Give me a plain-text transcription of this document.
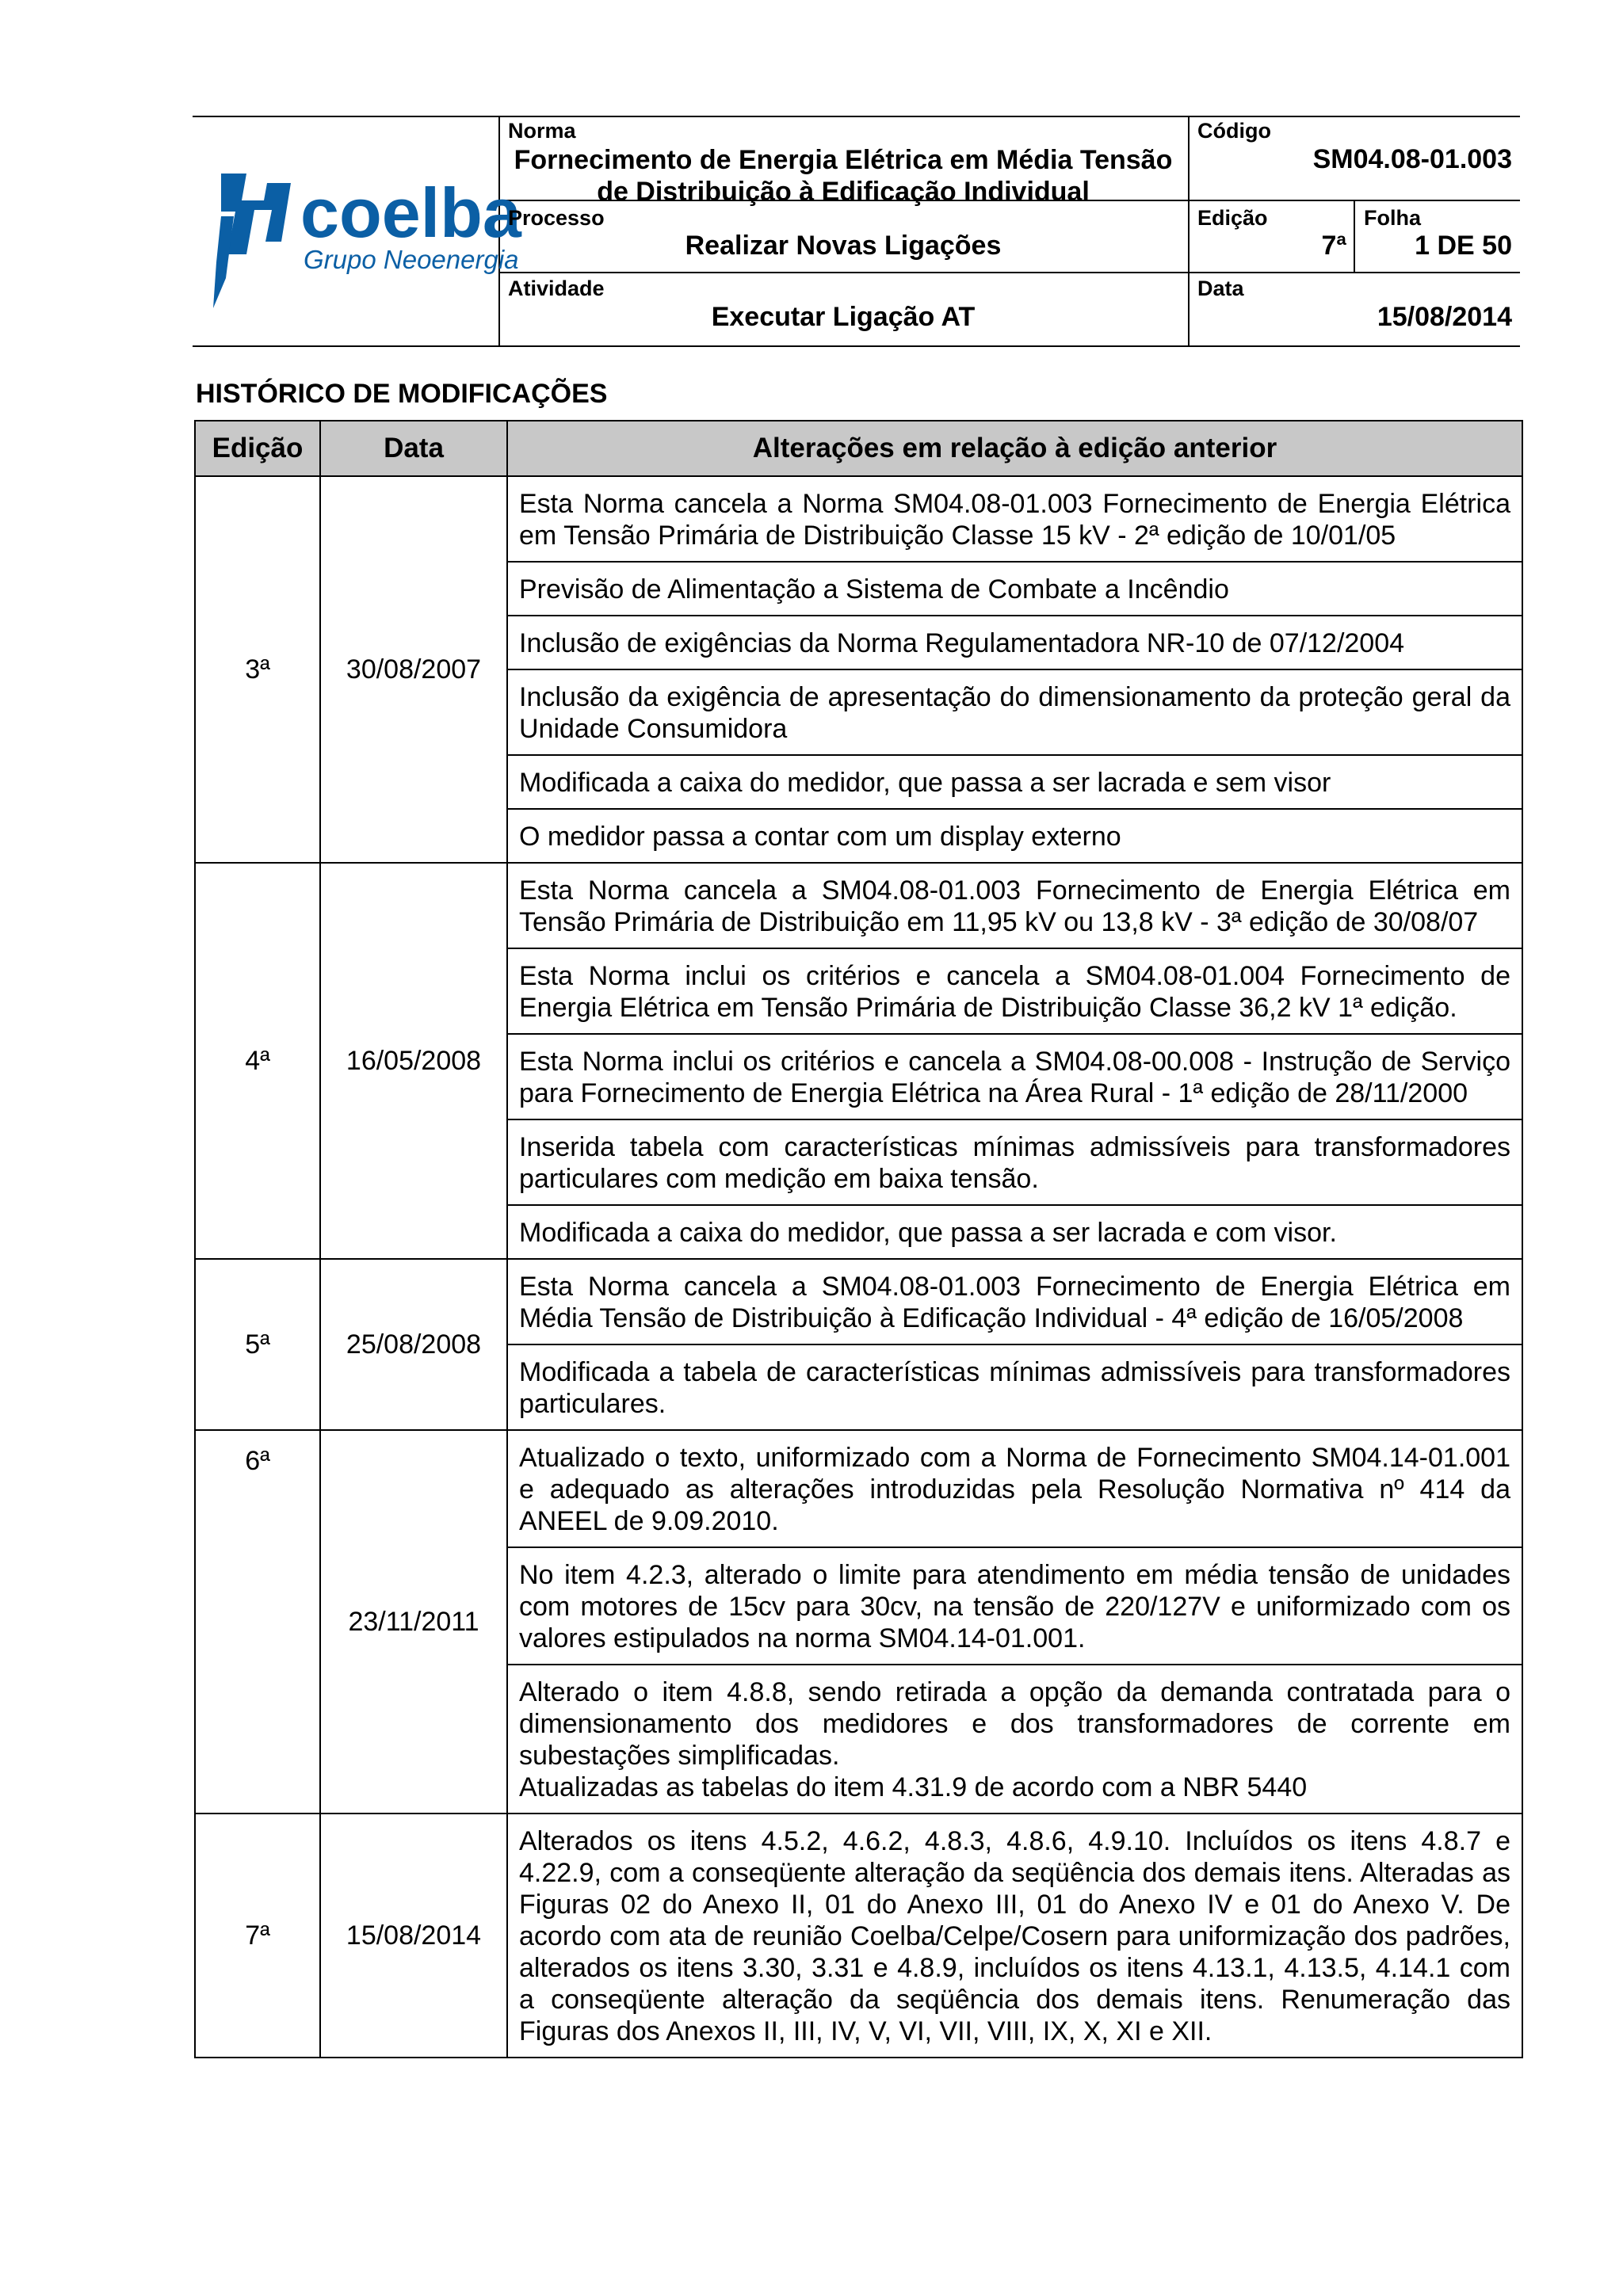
coelba
Grupo Neoenergia
Norma
Fornecimento de Energia Elétrica em Média Tensão
de Distribuição à Edificação Individual
Código
SM04.08-01.003
Processo
Realizar Novas Ligações
Edição
7ª
Folha
1 DE 50
Atividade
Executar Ligação AT
Data
15/08/2014
HISTÓRICO DE MODIFICAÇÕES
Edição	Data	Alterações em relação à edição anterior
3ª	30/08/2007	Esta Norma cancela a Norma SM04.08-01.003 Fornecimento de Energia Elétrica em Tensão Primária de Distribuição Classe 15 kV - 2ª edição de 10/01/05

		Previsão de Alimentação a Sistema de Combate a Incêndio

		Inclusão de exigências da Norma Regulamentadora NR-10 de 07/12/2004

		Inclusão da exigência de apresentação do dimensionamento da proteção geral da Unidade Consumidora

		Modificada a caixa do medidor, que passa a ser lacrada e sem visor

		O medidor passa a contar com um display externo

4ª	16/05/2008	Esta Norma cancela a SM04.08-01.003 Fornecimento de Energia Elétrica em Tensão Primária de Distribuição em 11,95 kV ou 13,8 kV - 3ª edição de 30/08/07

		Esta Norma inclui os critérios e cancela a SM04.08-01.004 Fornecimento de Energia Elétrica em Tensão Primária de Distribuição Classe 36,2 kV 1ª edição.

		Esta Norma inclui os critérios e cancela a SM04.08-00.008 - Instrução de Serviço para Fornecimento de Energia Elétrica na Área Rural - 1ª edição de 28/11/2000

		Inserida tabela com características mínimas admissíveis para transformadores particulares com medição em baixa tensão.

		Modificada a caixa do medidor, que passa a ser lacrada e com visor.

5ª	25/08/2008	Esta Norma cancela a SM04.08-01.003 Fornecimento de Energia Elétrica em Média Tensão de Distribuição à Edificação Individual - 4ª edição de 16/05/2008

		Modificada a tabela de características mínimas admissíveis para transformadores particulares.

6ª	23/11/2011	Atualizado o texto, uniformizado com a Norma de Fornecimento SM04.14-01.001 e adequado as alterações introduzidas pela Resolução Normativa nº 414 da ANEEL de 9.09.2010.

		No item 4.2.3, alterado o limite para atendimento em média tensão de unidades com motores de 15cv para 30cv, na tensão de 220/127V e uniformizado com os valores estipulados na norma SM04.14-01.001.

		Alterado o item 4.8.8, sendo retirada a opção da demanda contratada para o dimensionamento dos medidores e dos transformadores de corrente em subestações simplificadas.
Atualizadas as tabelas do item 4.31.9 de acordo com a NBR 5440

7ª	15/08/2014	Alterados os itens 4.5.2, 4.6.2, 4.8.3, 4.8.6, 4.9.10. Incluídos os itens 4.8.7 e 4.22.9, com a conseqüente alteração da seqüência dos demais itens. Alteradas as Figuras 02 do Anexo II, 01 do Anexo III, 01 do Anexo IV e 01 do Anexo V. De acordo com ata de reunião Coelba/Celpe/Cosern para uniformização dos padrões, alterados os itens 3.30, 3.31 e 4.8.9, incluídos os itens 4.13.1, 4.13.5, 4.14.1 com a conseqüente alteração da seqüência dos demais itens. Renumeração das Figuras dos Anexos II, III, IV, V, VI, VII, VIII, IX, X, XI e XII.
